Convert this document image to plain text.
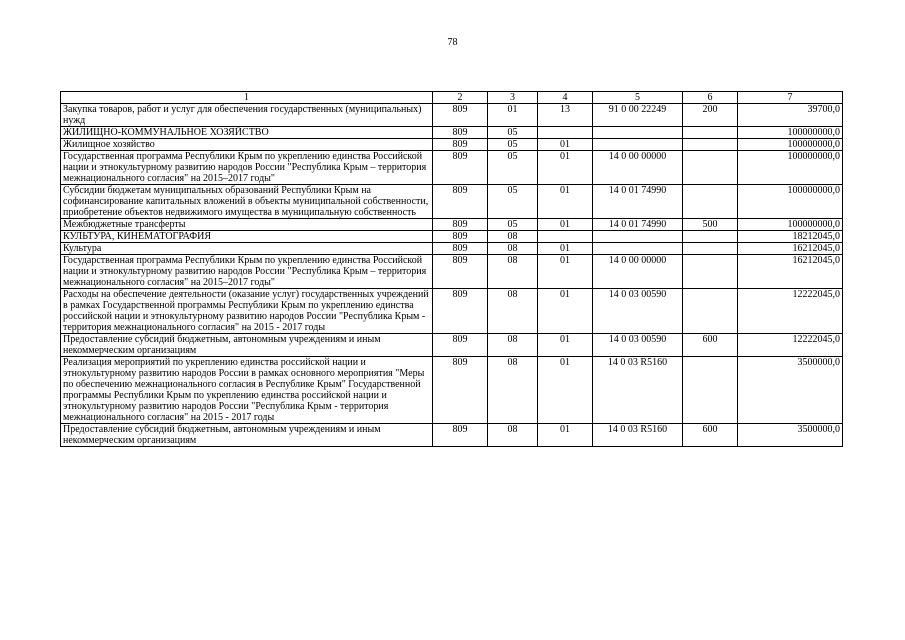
78
1	2	3	4	5	6	7
Закупка товаров, работ и услуг для обеспечения государственных (муниципальных) нужд	809	01	13	91 0 00 22249	200	39700,0
ЖИЛИЩНО-КОММУНАЛЬНОЕ ХОЗЯЙСТВО	809	05				100000000,0
Жилищное хозяйство	809	05	01			100000000,0
Государственная программа Республики Крым по укреплению единства Российской нации и этнокультурному развитию народов России "Республика Крым – территория межнационального согласия" на 2015–2017 годы"	809	05	01	14 0 00 00000		100000000,0
Субсидии бюджетам муниципальных образований Республики Крым на софинансирование капитальных вложений в объекты муниципальной собственности, приобретение объектов недвижимого имущества в муниципальную собственность	809	05	01	14 0 01 74990		100000000,0
Межбюджетные трансферты	809	05	01	14 0 01 74990	500	100000000,0
КУЛЬТУРА, КИНЕМАТОГРАФИЯ	809	08				18212045,0
Культура	809	08	01			16212045,0
Государственная программа Республики Крым по укреплению единства Российской нации и этнокультурному развитию народов России "Республика Крым – территория межнационального согласия" на 2015–2017 годы"	809	08	01	14 0 00 00000		16212045,0
Расходы на обеспечение деятельности (оказание услуг) государственных учреждений в рамках Государственной программы Республики Крым по укреплению единства российской нации и этнокультурному развитию народов России "Республика Крым - территория межнационального согласия" на 2015 - 2017 годы	809	08	01	14 0 03 00590		12222045,0
Предоставление субсидий бюджетным, автономным учреждениям и иным некоммерческим организациям	809	08	01	14 0 03 00590	600	12222045,0
Реализация мероприятий по укреплению единства российской нации и этнокультурному развитию народов России в рамках основного мероприятия "Меры по обеспечению межнационального согласия в Республике Крым" Государственной программы Республики Крым по укреплению единства российской нации и этнокультурному развитию народов России "Республика Крым - территория межнационального согласия" на 2015 - 2017 годы	809	08	01	14 0 03 R5160		3500000,0
Предоставление субсидий бюджетным, автономным учреждениям и иным некоммерческим организациям	809	08	01	14 0 03 R5160	600	3500000,0
